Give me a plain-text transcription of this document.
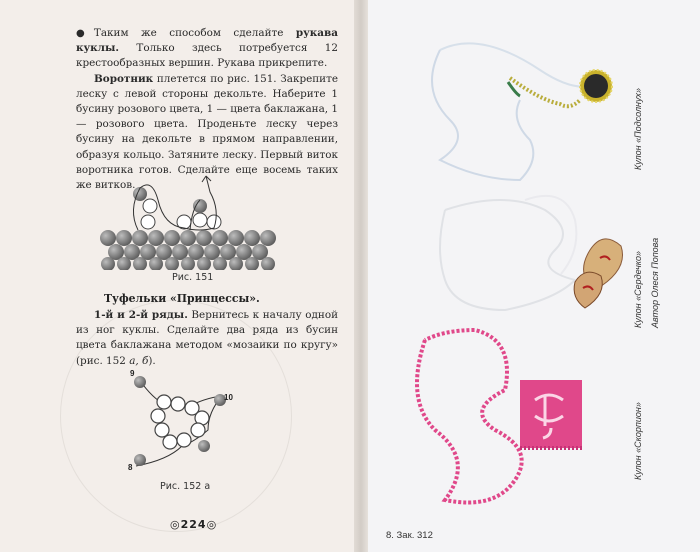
●Таким же способом сделайте рукава куклы. Только здесь потребуется 12 крестообразных вершин. Рукава прикрепите.

Воротник плетется по рис. 151. Закрепите леску с левой стороны декольте. Наберите 1 бусину розового цвета, 1 — цвета баклажана, 1 — розового цвета. Проденьте леску через бусину на декольте в прямом направлении, образуя кольцо. Затяните леску. Первый виток воротника готов. Сделайте еще восемь таких же витков.

Рис. 151
Туфельки «Принцессы».

1-й и 2-й ряды. Вернитесь к началу одной из ног куклы. Сделайте два ряда из бусин цвета баклажана методом «мозаики по кругу» (рис. 152 а, б).

9
10
8
Рис. 152 а
◎224◎
Кулон «Подсолнух»
Кулон «Сердечко» Автор Олеся Попова
Кулон «Скорпион»
8. Зак. 312
